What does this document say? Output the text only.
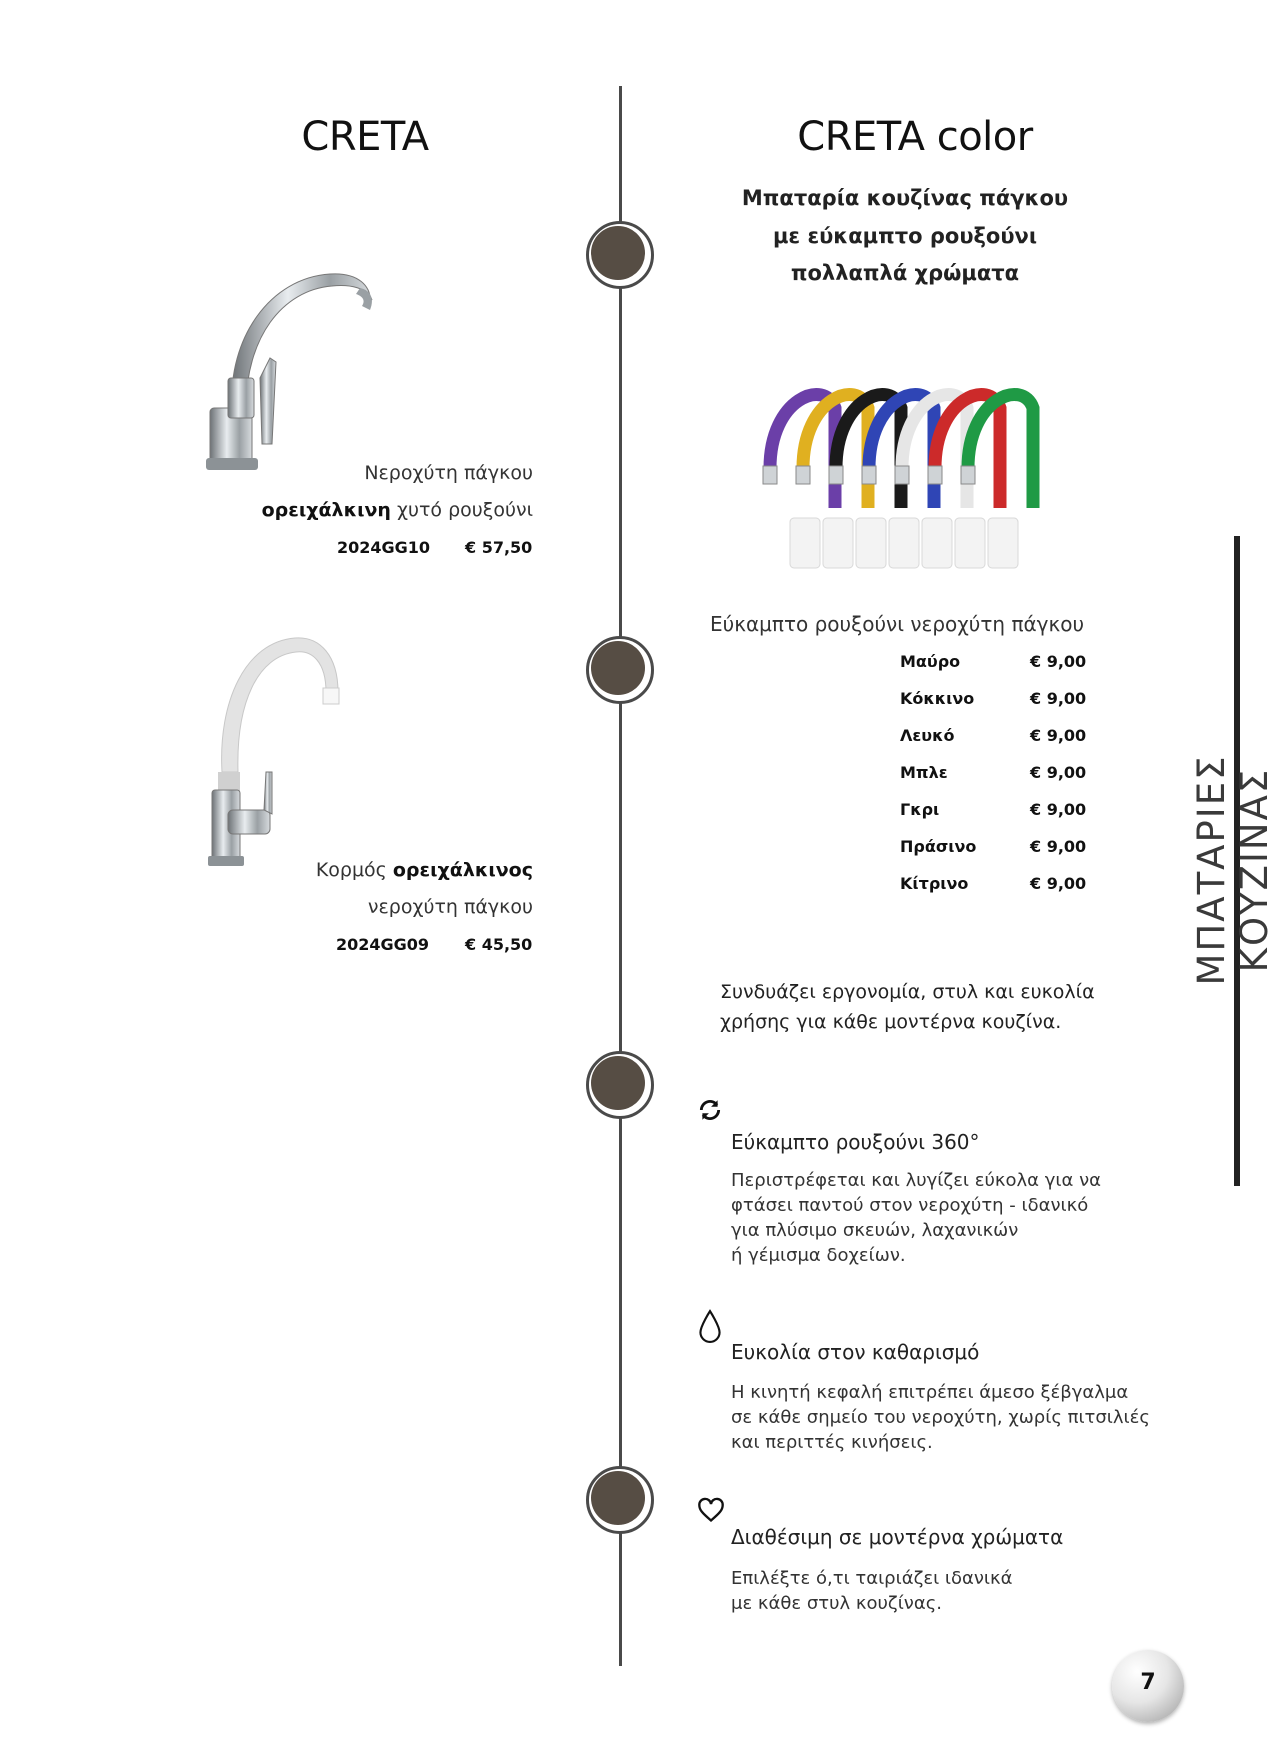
CRETA
Νεροχύτη πάγκου
ορειχάλκινη χυτό ρουξούνι
2024GG10 € 57,50
Κορμός ορειχάλκινος
νεροχύτη πάγκου
2024GG09 € 45,50
CRETA color
Μπαταρία κουζίνας πάγκου
με εύκαμπτο ρουξούνι
πολλαπλά χρώματα
Εύκαμπτο ρουξούνι νεροχύτη πάγκου
Μαύρο	€ 9,00
Κόκκινο	€ 9,00
Λευκό	€ 9,00
Μπλε	€ 9,00
Γκρι	€ 9,00
Πράσινο	€ 9,00
Κίτρινο	€ 9,00
Συνδυάζει εργονομία, στυλ και ευκολία
χρήσης για κάθε μοντέρνα κουζίνα.
Εύκαμπτο ρουξούνι 360°
Περιστρέφεται και λυγίζει εύκολα για να
φτάσει παντού στον νεροχύτη - ιδανικό
για πλύσιμο σκευών, λαχανικών
ή γέμισμα δοχείων.
Ευκολία στον καθαρισμό
Η κινητή κεφαλή επιτρέπει άμεσο ξέβγαλμα
σε κάθε σημείο του νεροχύτη, χωρίς πιτσιλιές
και περιττές κινήσεις.
Διαθέσιμη σε μοντέρνα χρώματα
Επιλέξτε ό,τι ταιριάζει ιδανικά
με κάθε στυλ κουζίνας.
ΜΠΑΤΑΡΙΕΣ ΚΟΥΖΙΝΑΣ
7
